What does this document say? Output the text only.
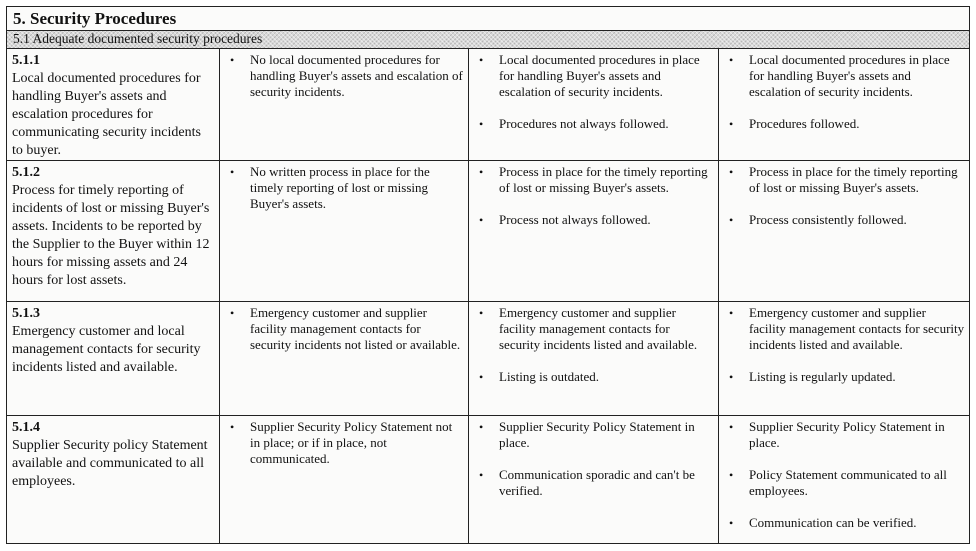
5. Security Procedures
5.1 Adequate documented security procedures
5.1.1
Local documented procedures for handling Buyer's assets and escalation procedures for communicating security incidents to buyer.
• No local documented procedures for handling Buyer's assets and escalation of security incidents.
• Local documented procedures in place for handling Buyer's assets and escalation of security incidents.
• Procedures not always followed.
• Local documented procedures in place for handling Buyer's assets and escalation of security incidents.
• Procedures followed.
5.1.2
Process for timely reporting of incidents of lost or missing Buyer's assets. Incidents to be reported by the Supplier to the Buyer within 12 hours for missing assets and 24 hours for lost assets.
• No written process in place for the timely reporting of lost or missing Buyer's assets.
• Process in place for the timely reporting of lost or missing Buyer's assets.
• Process not always followed.
• Process in place for the timely reporting of lost or missing Buyer's assets.
• Process consistently followed.
5.1.3
Emergency customer and local management contacts for security incidents listed and available.
• Emergency customer and supplier facility management contacts for security incidents not listed or available.
• Emergency customer and supplier facility management contacts for security incidents listed and available.
• Listing is outdated.
• Emergency customer and supplier facility management contacts for security incidents listed and available.
• Listing is regularly updated.
5.1.4
Supplier Security policy Statement available and communicated to all employees.
• Supplier Security Policy Statement not in place; or if in place, not communicated.
• Supplier Security Policy Statement in place.
• Communication sporadic and can't be verified.
• Supplier Security Policy Statement in place.
• Policy Statement communicated to all employees.
• Communication can be verified.
